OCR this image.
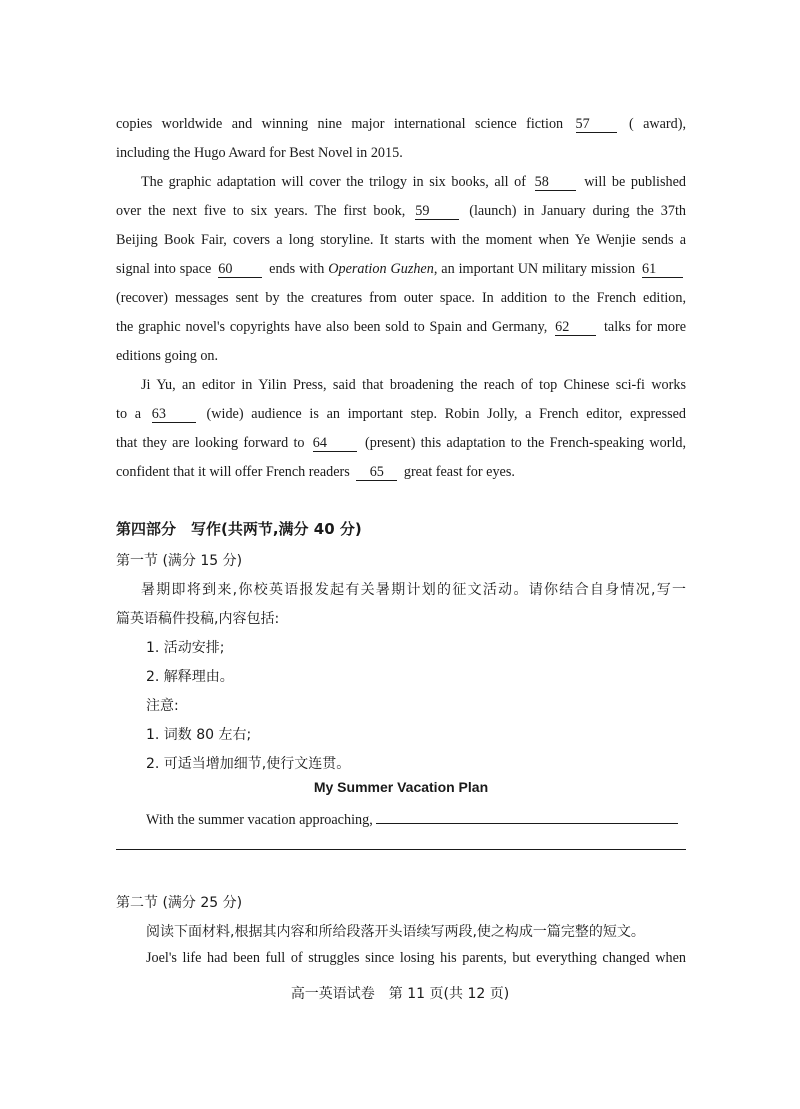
copies worldwide and winning nine major international science fiction 57	( award),
including the Hugo Award for Best Novel in 2015.
The graphic adaptation will cover the trilogy in six books, all of 58 will be published
over the next five to six years. The first book, 59	(launch) in January during the 37th
Beijing Book Fair, covers a long storyline. It starts with the moment when Ye Wenjie sends a
signal into space 60	ends with Operation Guzhen, an important UN military mission 61
(recover) messages sent by the creatures from outer space. In addition to the French edition,
the graphic novel's copyrights have also been sold to Spain and Germany, 62 talks for more
editions going on.
Ji Yu, an editor in Yilin Press, said that broadening the reach of top Chinese sci-fi works
to a 63	(wide) audience is an important step. Robin Jolly, a French editor, expressed
that they are looking forward to 64	(present) this adaptation to the French-speaking world,
confident that it will offer French readers 65 great feast for eyes.
第四部分　写作(共两节,满分 40 分)
第一节 (满分 15 分)
暑期即将到来,你校英语报发起有关暑期计划的征文活动。请你结合自身情况,写一
篇英语稿件投稿,内容包括:
1. 活动安排;
2. 解释理由。
注意:
1. 词数 80 左右;
2. 可适当增加细节,使行文连贯。
My Summer Vacation Plan
With the summer vacation approaching,
第二节 (满分 25 分)
阅读下面材料,根据其内容和所给段落开头语续写两段,使之构成一篇完整的短文。
Joel's life had been full of struggles since losing his parents, but everything changed when
高一英语试卷　第 11 页(共 12 页)
